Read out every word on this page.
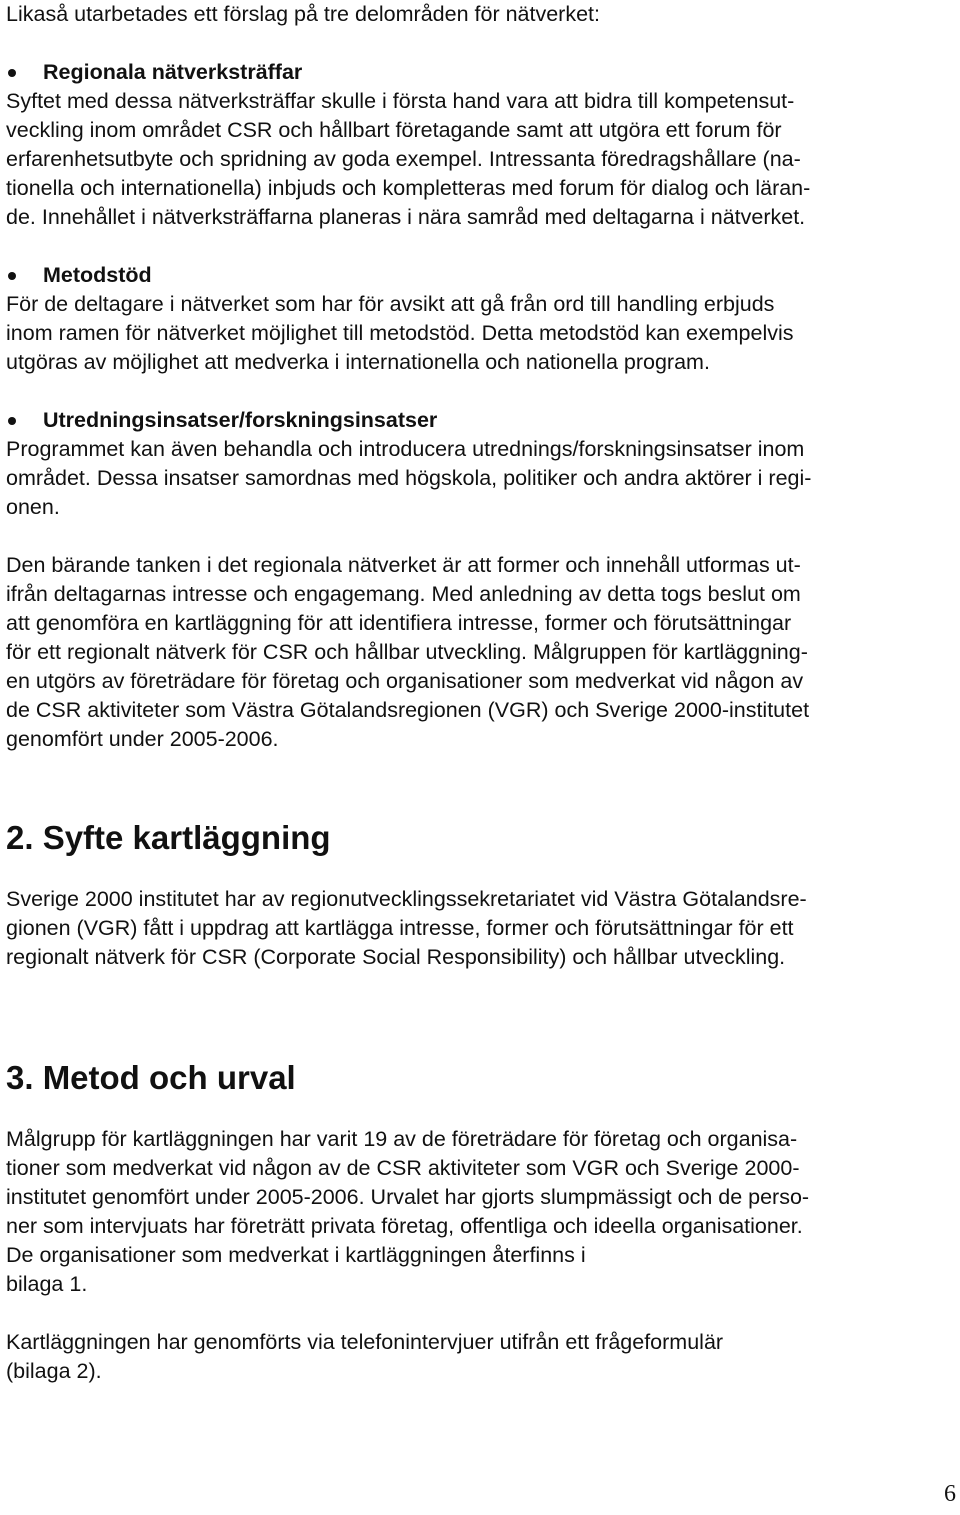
Likaså utarbetades ett förslag på tre delområden för nätverket:
Regionala nätverksträffar
Syftet med dessa nätverksträffar skulle i första hand vara att bidra till kompetensut-
veckling inom området CSR och hållbart företagande samt att utgöra ett forum för
erfarenhetsutbyte och spridning av goda exempel. Intressanta föredragshållare (na-
tionella och internationella) inbjuds och kompletteras med forum för dialog och läran-
de. Innehållet i nätverksträffarna planeras i nära samråd med deltagarna i nätverket.
Metodstöd
För de deltagare i nätverket som har för avsikt att gå från ord till handling erbjuds
inom ramen för nätverket möjlighet till metodstöd. Detta metodstöd kan exempelvis
utgöras av möjlighet att medverka i internationella och nationella program.
Utredningsinsatser/forskningsinsatser
Programmet kan även behandla och introducera utrednings/forskningsinsatser inom
området. Dessa insatser samordnas med högskola, politiker och andra aktörer i regi-
onen.
Den bärande tanken i det regionala nätverket är att former och innehåll utformas ut-
ifrån deltagarnas intresse och engagemang. Med anledning av detta togs beslut om
att genomföra en kartläggning för att identifiera intresse, former och förutsättningar
för ett regionalt nätverk för CSR och hållbar utveckling. Målgruppen för kartläggning-
en utgörs av företrädare för företag och organisationer som medverkat vid någon av
de CSR aktiviteter som Västra Götalandsregionen (VGR) och Sverige 2000-institutet
genomfört under 2005-2006.
2. Syfte kartläggning
Sverige 2000 institutet har av regionutvecklingssekretariatet vid Västra Götalandsre-
gionen (VGR) fått i uppdrag att kartlägga intresse, former och förutsättningar för ett
regionalt nätverk för CSR (Corporate Social Responsibility) och hållbar utveckling.
3. Metod och urval
Målgrupp för kartläggningen har varit 19 av de företrädare för företag och organisa-
tioner som medverkat vid någon av de CSR aktiviteter som VGR och Sverige 2000-
institutet genomfört under 2005-2006. Urvalet har gjorts slumpmässigt och de perso-
ner som intervjuats har företrätt privata företag, offentliga och ideella organisationer.
De organisationer som medverkat i kartläggningen återfinns i
bilaga 1.
Kartläggningen har genomförts via telefonintervjuer utifrån ett frågeformulär
(bilaga 2).
6
